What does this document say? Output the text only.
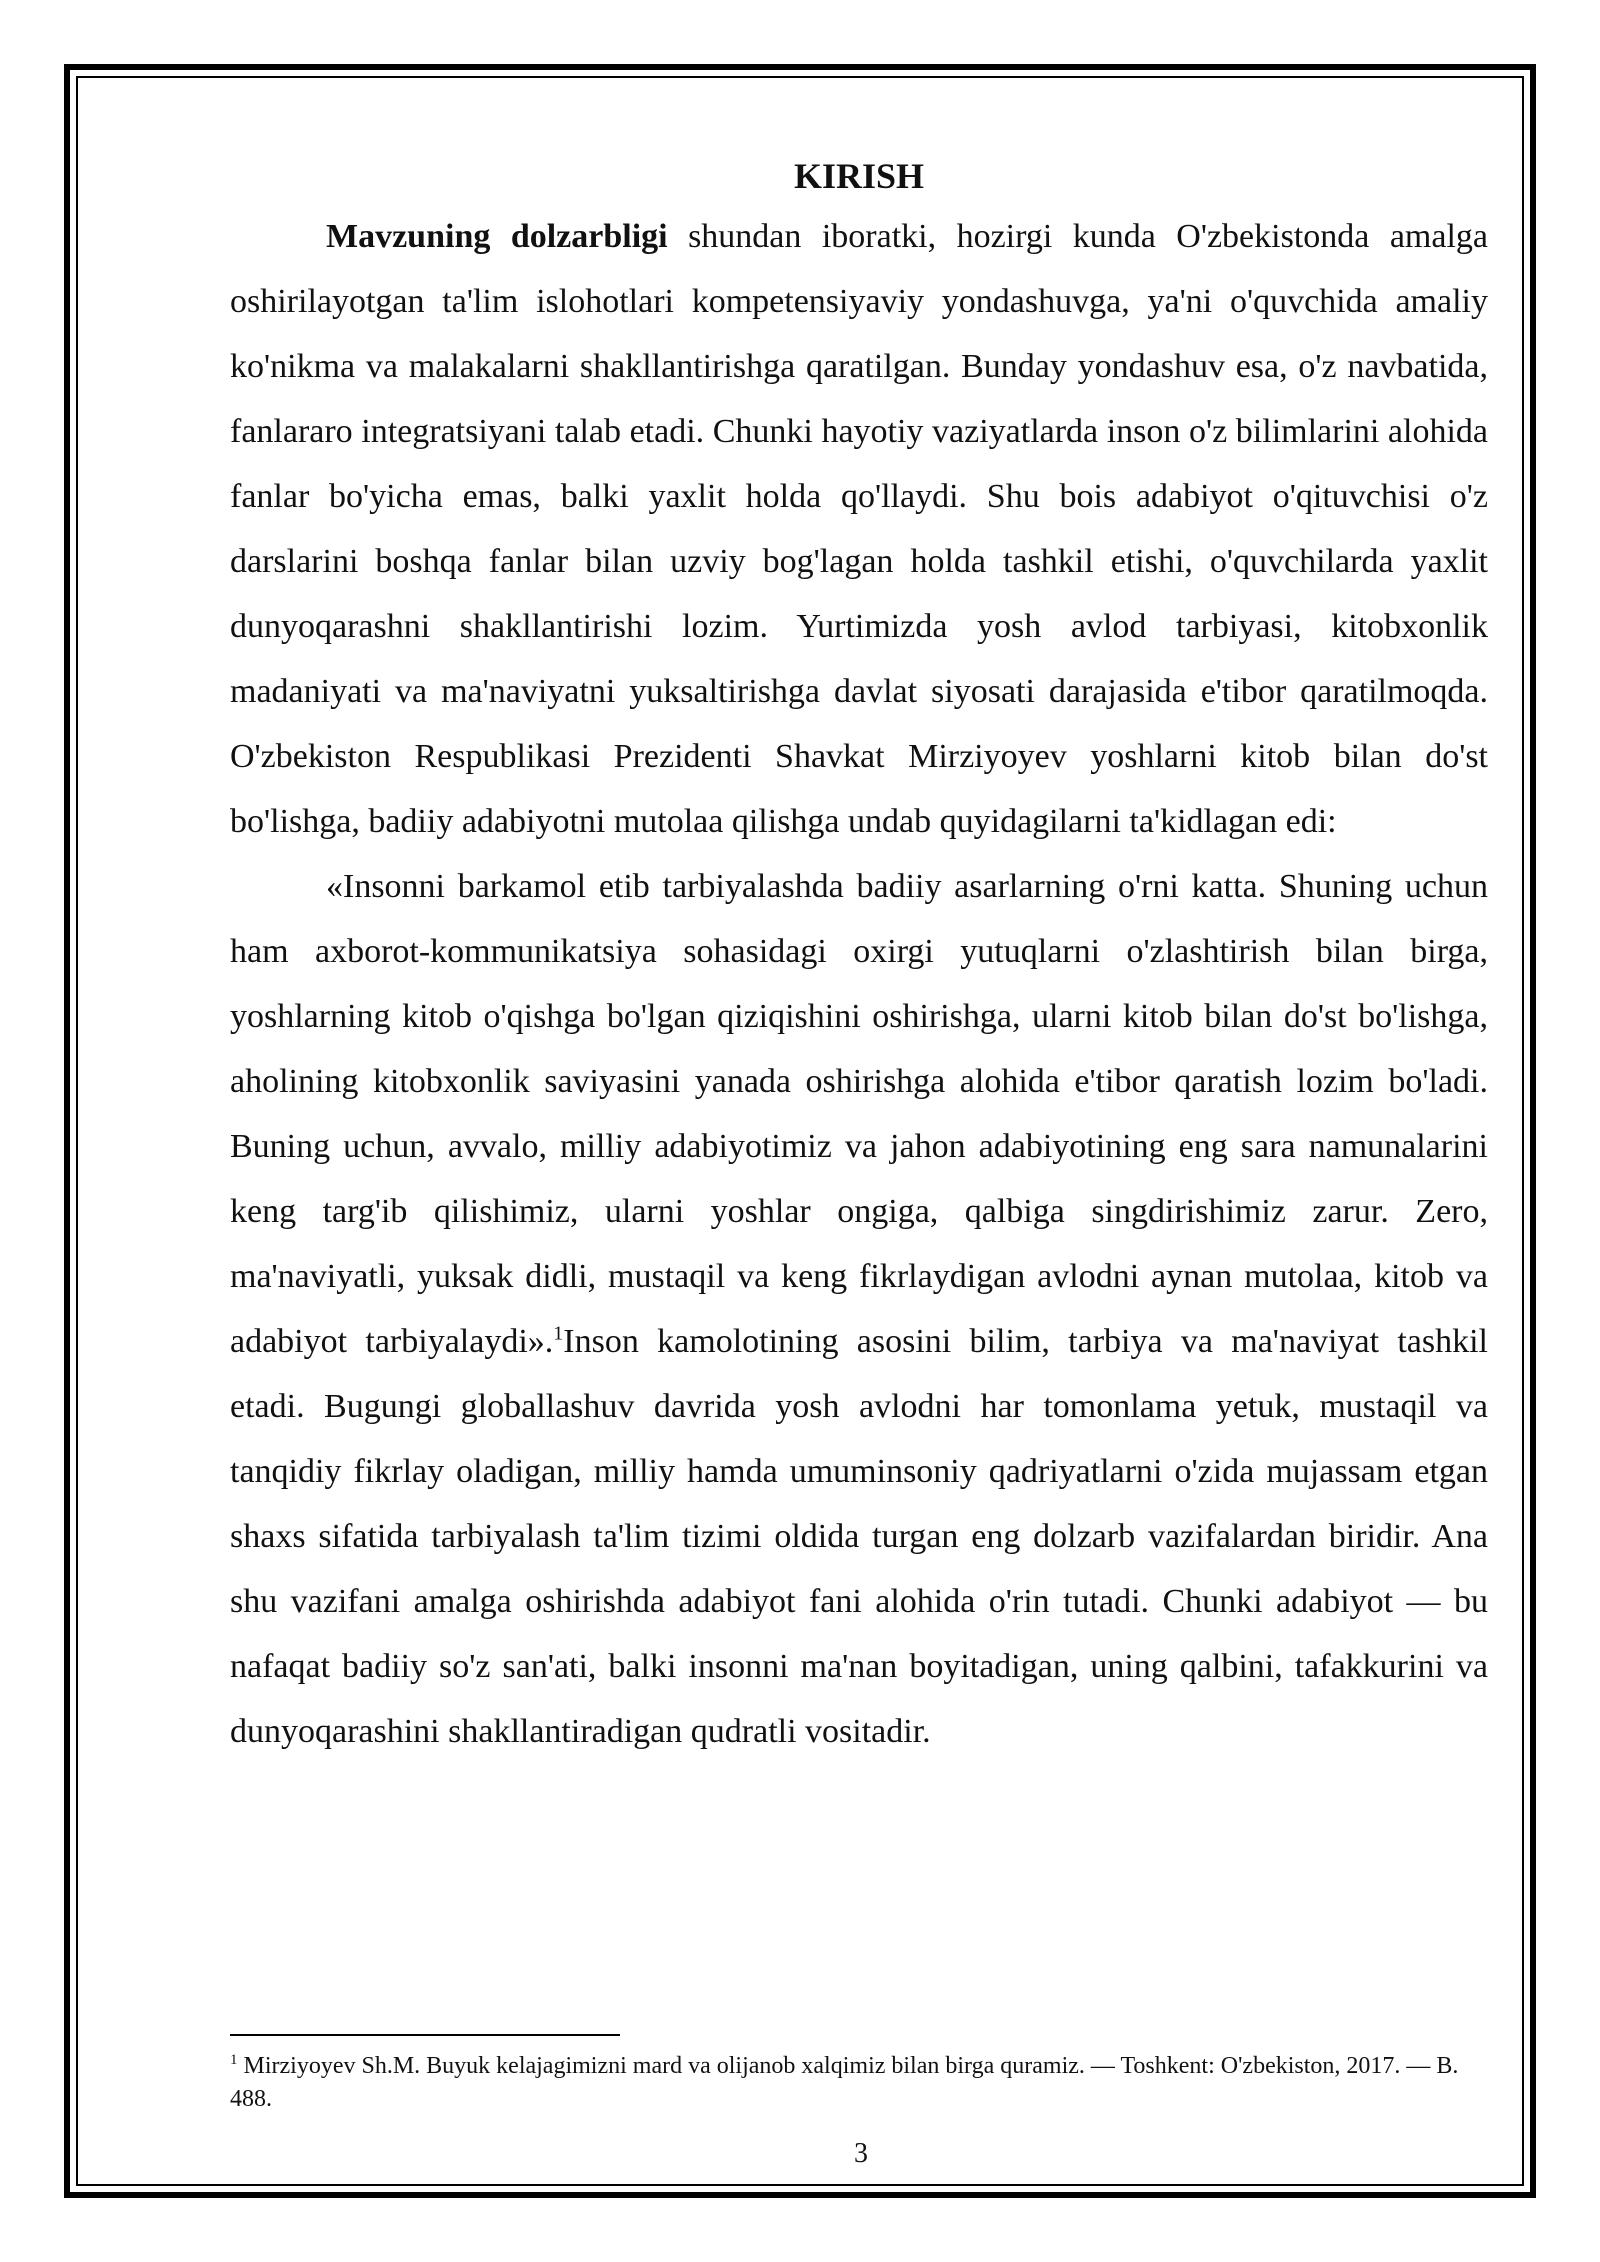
KIRISH

Mavzuning dolzarbligi shundan iboratki, hozirgi kunda O'zbekistonda amalga oshirilayotgan ta'lim islohotlari kompetensiyaviy yondashuvga, ya'ni o'quvchida amaliy ko'nikma va malakalarni shakllantirishga qaratilgan. Bunday yondashuv esa, o'z navbatida, fanlararo integratsiyani talab etadi. Chunki hayotiy vaziyatlarda inson o'z bilimlarini alohida fanlar bo'yicha emas, balki yaxlit holda qo'llaydi. Shu bois adabiyot o'qituvchisi o'z darslarini boshqa fanlar bilan uzviy bog'lagan holda tashkil etishi, o'quvchilarda yaxlit dunyoqarashni shakllantirishi lozim. Yurtimizda yosh avlod tarbiyasi, kitobxonlik madaniyati va ma'naviyatni yuksaltirishga davlat siyosati darajasida e'tibor qaratilmoqda. O'zbekiston Respublikasi Prezidenti Shavkat Mirziyoyev yoshlarni kitob bilan do'st bo'lishga, badiiy adabiyotni mutolaa qilishga undab quyidagilarni ta'kidlagan edi:

«Insonni barkamol etib tarbiyalashda badiiy asarlarning o'rni katta. Shuning uchun ham axborot-kommunikatsiya sohasidagi oxirgi yutuqlarni o'zlashtirish bilan birga, yoshlarning kitob o'qishga bo'lgan qiziqishini oshirishga, ularni kitob bilan do'st bo'lishga, aholining kitobxonlik saviyasini yanada oshirishga alohida e'tibor qaratish lozim bo'ladi. Buning uchun, avvalo, milliy adabiyotimiz va jahon adabiyotining eng sara namunalarini keng targ'ib qilishimiz, ularni yoshlar ongiga, qalbiga singdirishimiz zarur. Zero, ma'naviyatli, yuksak didli, mustaqil va keng fikrlaydigan avlodni aynan mutolaa, kitob va adabiyot tarbiyalaydi».$^1$Inson kamolotining asosini bilim, tarbiya va ma'naviyat tashkil etadi. Bugungi globallashuv davrida yosh avlodni har tomonlama yetuk, mustaqil va tanqidiy fikrlay oladigan, milliy hamda umuminsoniy qadriyatlarni o'zida mujassam etgan shaxs sifatida tarbiyalash ta'lim tizimi oldida turgan eng dolzarb vazifalardan biridir. Ana shu vazifani amalga oshirishda adabiyot fani alohida o'rin tutadi. Chunki adabiyot — bu nafaqat badiiy so'z san'ati, balki insonni ma'nan boyitadigan, uning qalbini, tafakkurini va dunyoqarashini shakllantiradigan qudratli vositadir.

$^1$ Mirziyoyev Sh.M. Buyuk kelajagimizni mard va olijanob xalqimiz bilan birga quramiz. — Toshkent: O'zbekiston, 2017. — B. 488.

3
